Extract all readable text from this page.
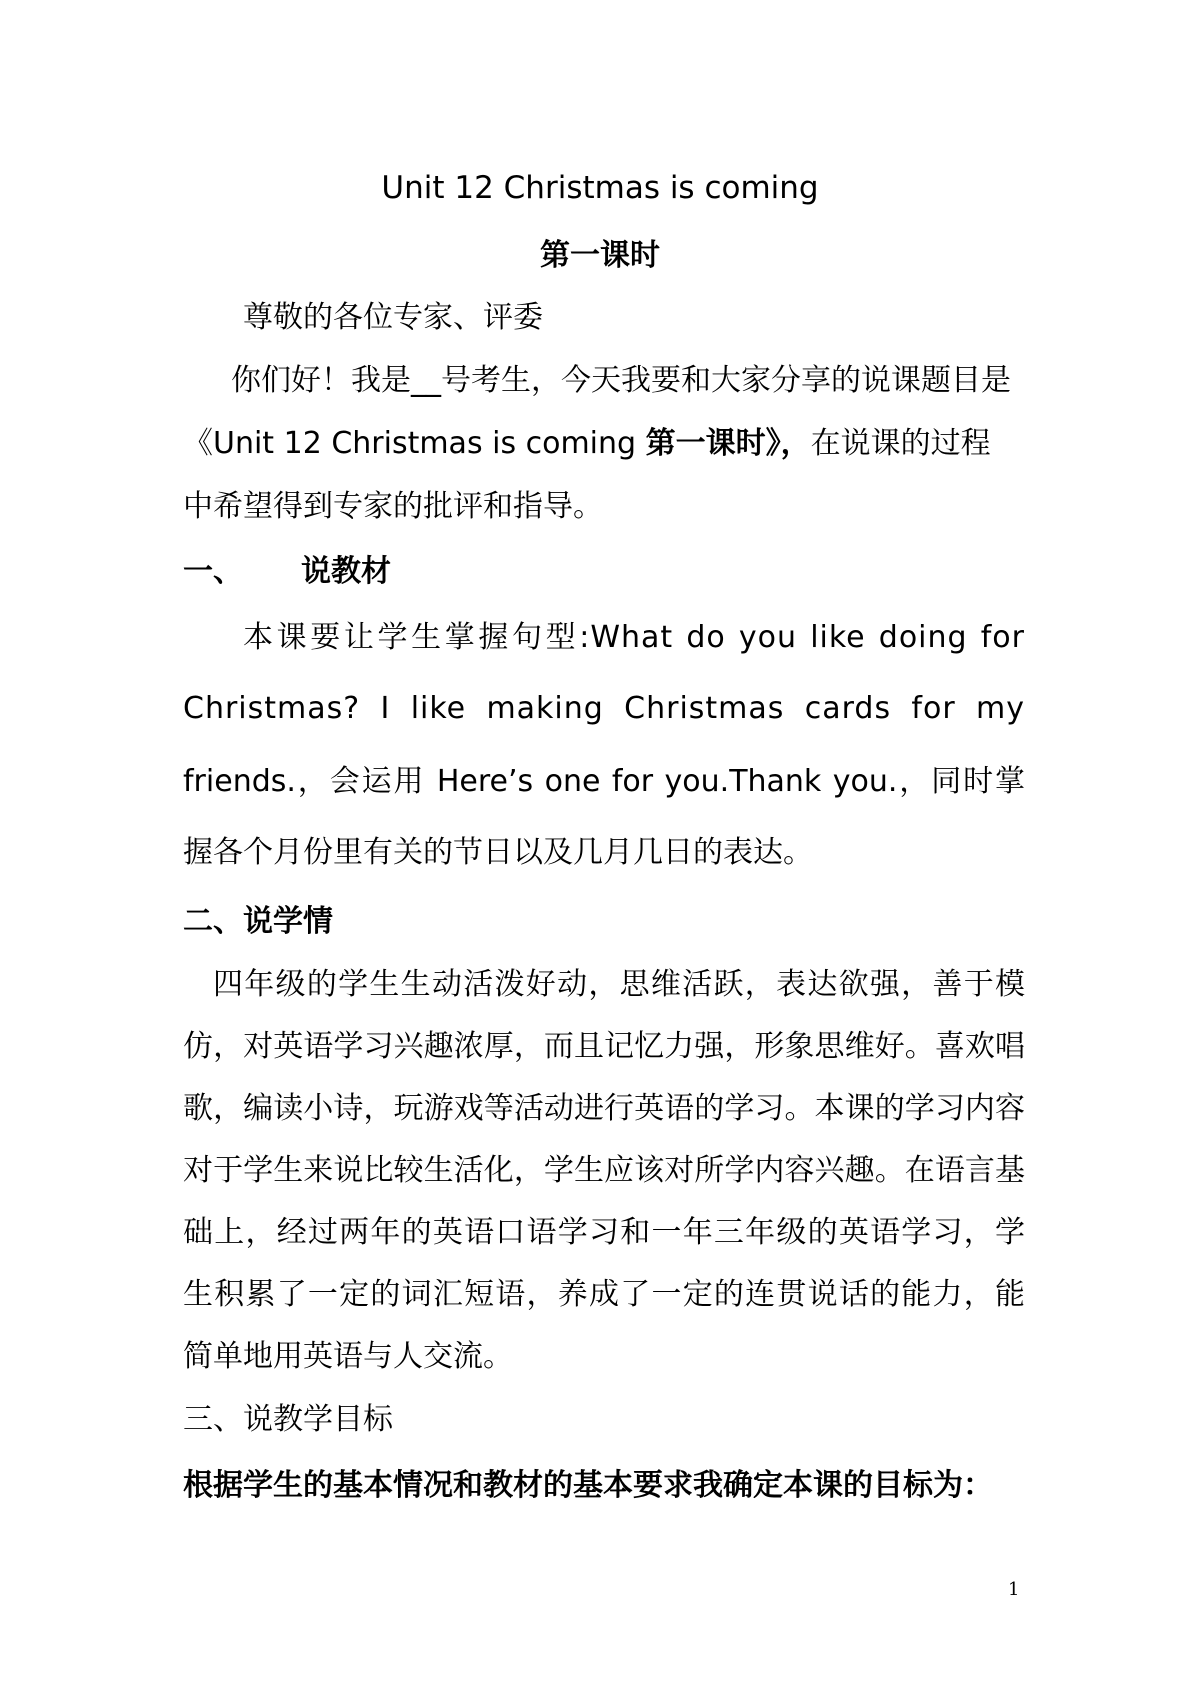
Unit 12 Christmas is coming
第一课时
尊敬的各位专家、评委
你们好！我是__号考生，今天我要和大家分享的说课题目是
《Unit 12 Christmas is coming 第一课时》，在说课的过程
中希望得到专家的批评和指导。
一、 说教材
本课要让学生掌握句型:What do you like doing for
Christmas? I like making Christmas cards for my
friends.，会运用 Here’s one for you.Thank you.，同时掌
握各个月份里有关的节日以及几月几日的表达。
二、说学情
四年级的学生生动活泼好动，思维活跃，表达欲强，善于模
仿，对英语学习兴趣浓厚，而且记忆力强，形象思维好。喜欢唱
歌，编读小诗，玩游戏等活动进行英语的学习。本课的学习内容
对于学生来说比较生活化，学生应该对所学内容兴趣。在语言基
础上，经过两年的英语口语学习和一年三年级的英语学习，学
生积累了一定的词汇短语，养成了一定的连贯说话的能力，能
简单地用英语与人交流。
三、说教学目标
根据学生的基本情况和教材的基本要求我确定本课的目标为：
1
